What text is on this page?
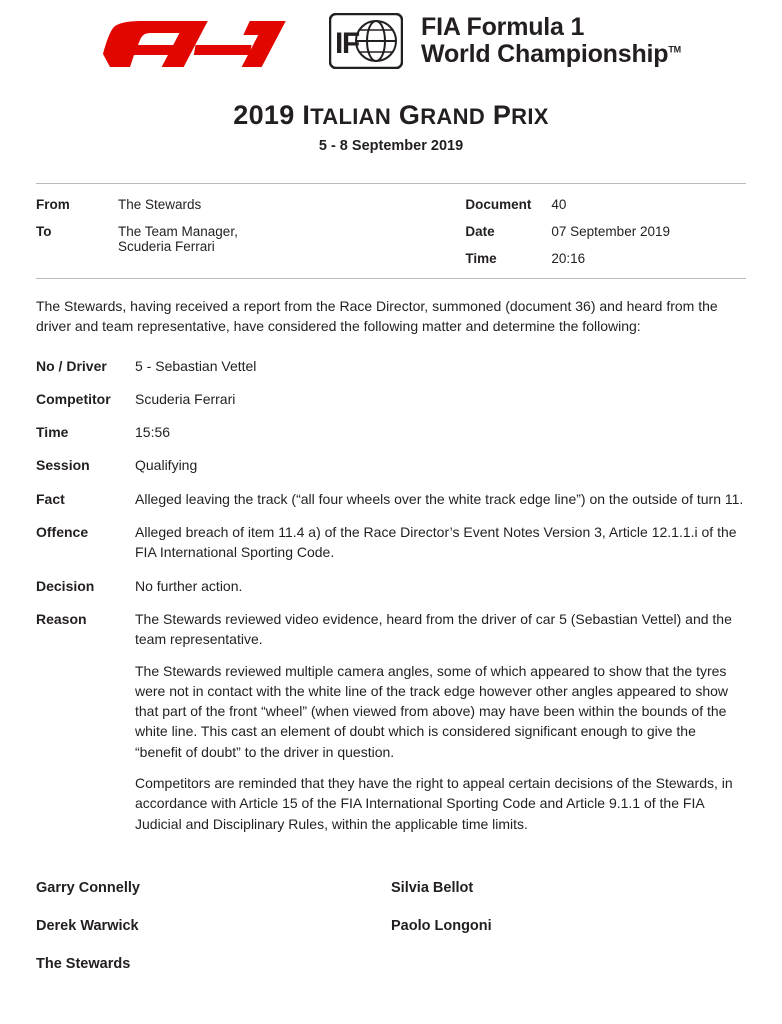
F
I	FIA Formula 1
World Championship™
2019 ITALIAN GRAND PRIX
5 - 8 September 2019
From	The Stewards
To	The Team Manager,
Scuderia Ferrari
Document	40
Date	07 September 2019
Time	20:16
The Stewards, having received a report from the Race Director, summoned (document 36) and heard from the driver and team representative, have considered the following matter and determine the following:
No / Driver	5 - Sebastian Vettel

Competitor	Scuderia Ferrari

Time	15:56

Session	Qualifying

Fact	Alleged leaving the track (“all four wheels over the white track edge line”) on the outside of turn 11.

Offence	Alleged breach of item 11.4 a) of the Race Director’s Event Notes Version 3, Article 12.1.1.i of the FIA International Sporting Code.

Decision	No further action.

Reason	The Stewards reviewed video evidence, heard from the driver of car 5 (Sebastian Vettel) and the team representative.

The Stewards reviewed multiple camera angles, some of which appeared to show that the tyres were not in contact with the white line of the track edge however other angles appeared to show that part of the front “wheel” (when viewed from above) may have been within the bounds of the white line. This cast an element of doubt which is considered significant enough to give the “benefit of doubt” to the driver in question.

Competitors are reminded that they have the right to appeal certain decisions of the Stewards, in accordance with Article 15 of the FIA International Sporting Code and Article 9.1.1 of the FIA Judicial and Disciplinary Rules, within the applicable time limits.

Garry Connelly	Silvia Bellot
Derek Warwick	Paolo Longoni
The Stewards
